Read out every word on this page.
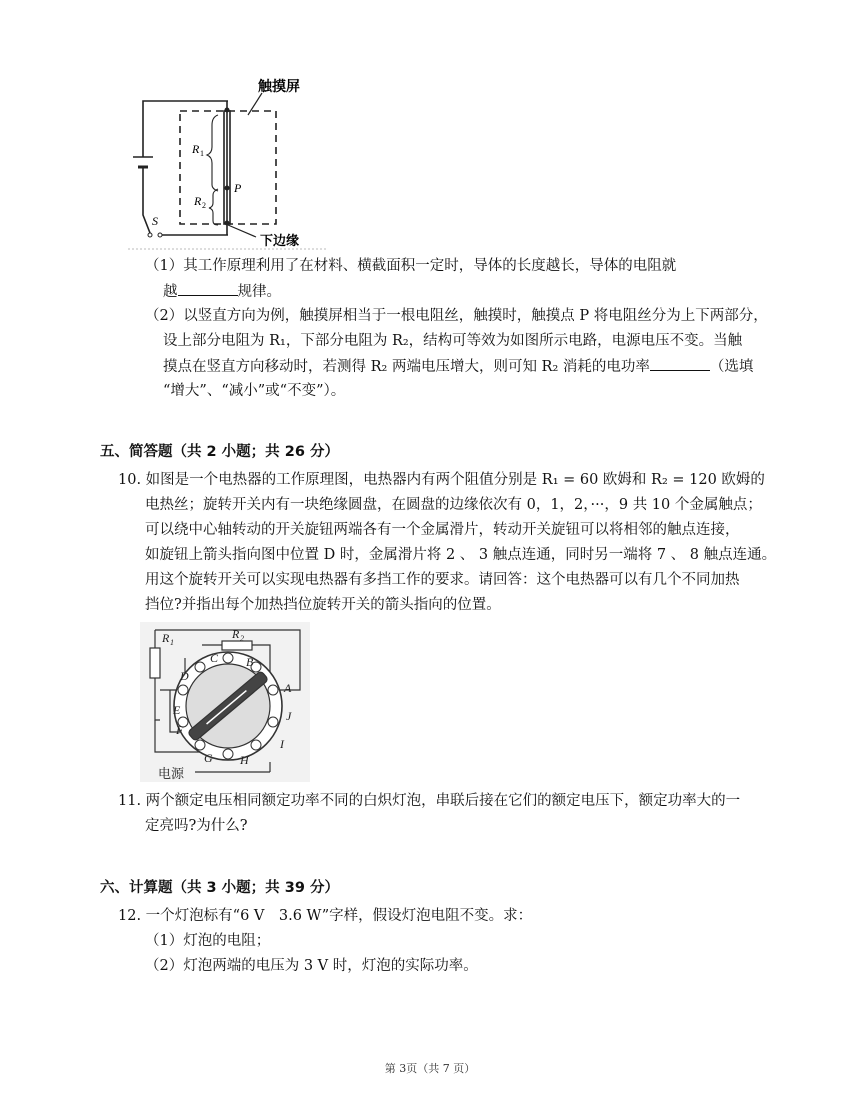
触摸屏
下边缘
R 1
R 2
P
S
（1）其工作原理利用了在材料、横截面积一定时，导体的长度越长，导体的电阻就
越	规律。
（2）以竖直方向为例，触摸屏相当于一根电阻丝，触摸时，触摸点 P 将电阻丝分为上下两部分，
设上部分电阻为 R₁，下部分电阻为 R₂，结构可等效为如图所示电路，电源电压不变。当触
摸点在竖直方向移动时，若测得 R₂ 两端电压增大，则可知 R₂ 消耗的电功率	（选填
“增大”、“减小”或“不变”）。
五、简答题（共 2 小题；共 26 分）
10. 如图是一个电热器的工作原理图，电热器内有两个阻值分别是 R₁ = 60 欧姆和 R₂ = 120 欧姆的
电热丝；旋转开关内有一块绝缘圆盘，在圆盘的边缘依次有 0，1，2，···，9 共 10 个金属触点；
可以绕中心轴转动的开关旋钮两端各有一个金属滑片，转动开关旋钮可以将相邻的触点连接，
如旋钮上箭头指向图中位置 D 时，金属滑片将 2 、 3 触点连通，同时另一端将 7 、 8 触点连通。
用这个旋转开关可以实现电热器有多挡工作的要求。请回答：这个电热器可以有几个不同加热
挡位?并指出每个加热挡位旋转开关的箭头指向的位置。
R 1
R 2
A
B
C
D
E
F
G H
I
J
电源
11. 两个额定电压相同额定功率不同的白炽灯泡，串联后接在它们的额定电压下，额定功率大的一
定亮吗?为什么?
六、计算题（共 3 小题；共 39 分）
12. 一个灯泡标有“6 V　3.6 W”字样，假设灯泡电阻不变。求：
（1）灯泡的电阻；
（2）灯泡两端的电压为 3 V 时，灯泡的实际功率。
第 3页（共 7 页）
